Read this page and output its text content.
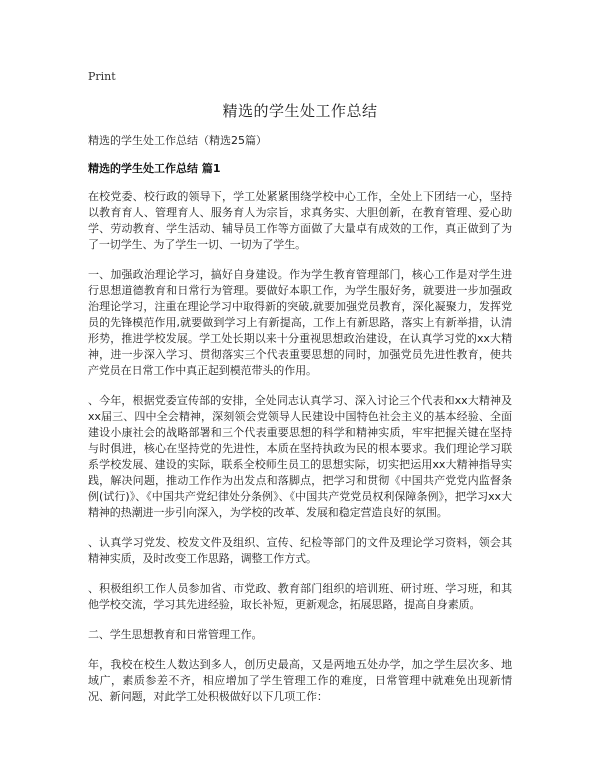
Print
精选的学生处工作总结

精选的学生处工作总结（精选25篇）

精选的学生处工作总结 篇1

在校党委、校行政的领导下，学工处紧紧围绕学校中心工作，全处上下团结一心，坚持以教育育人、管理育人、服务育人为宗旨，求真务实、大胆创新，在教育管理、爱心助学、劳动教育、学生活动、辅导员工作等方面做了大量卓有成效的工作，真正做到了为了一切学生、为了学生一切、一切为了学生。

一、加强政治理论学习，搞好自身建设。作为学生教育管理部门，核心工作是对学生进行思想道德教育和日常行为管理。要做好本职工作，为学生服好务，就要进一步加强政治理论学习，注重在理论学习中取得新的突破,就要加强党员教育，深化凝聚力，发挥党员的先锋模范作用,就要做到学习上有新提高，工作上有新思路，落实上有新举措，认清形势，推进学校发展。学工处长期以来十分重视思想政治建设，在认真学习党的xx大精神，进一步深入学习、贯彻落实三个代表重要思想的同时，加强党员先进性教育，使共产党员在日常工作中真正起到模范带头的作用。

、今年，根据党委宣传部的安排，全处同志认真学习、深入讨论三个代表和xx大精神及xx届三、四中全会精神，深刻领会党领导人民建设中国特色社会主义的基本经验、全面建设小康社会的战略部署和三个代表重要思想的科学和精神实质，牢牢把握关键在坚持与时俱进，核心在坚持党的先进性，本质在坚持执政为民的根本要求。我们理论学习联系学校发展、建设的实际，联系全校师生员工的思想实际，切实把运用xx大精神指导实践，解决问题，推动工作作为出发点和落脚点，把学习和贯彻《中国共产党党内监督条例(试行)》、《中国共产党纪律处分条例》、《中国共产党党员权利保障条例》，把学习xx大精神的热潮进一步引向深入，为学校的改革、发展和稳定营造良好的氛围。

、认真学习党发、校发文件及组织、宣传、纪检等部门的文件及理论学习资料，领会其精神实质，及时改变工作思路，调整工作方式。

、积极组织工作人员参加省、市党政、教育部门组织的培训班、研讨班、学习班，和其他学校交流，学习其先进经验，取长补短，更新观念，拓展思路，提高自身素质。

二、学生思想教育和日常管理工作。

年，我校在校生人数达到多人，创历史最高，又是两地五处办学，加之学生层次多、地域广，素质参差不齐，相应增加了学生管理工作的难度，日常管理中就难免出现新情况、新问题，对此学工处积极做好以下几项工作：
